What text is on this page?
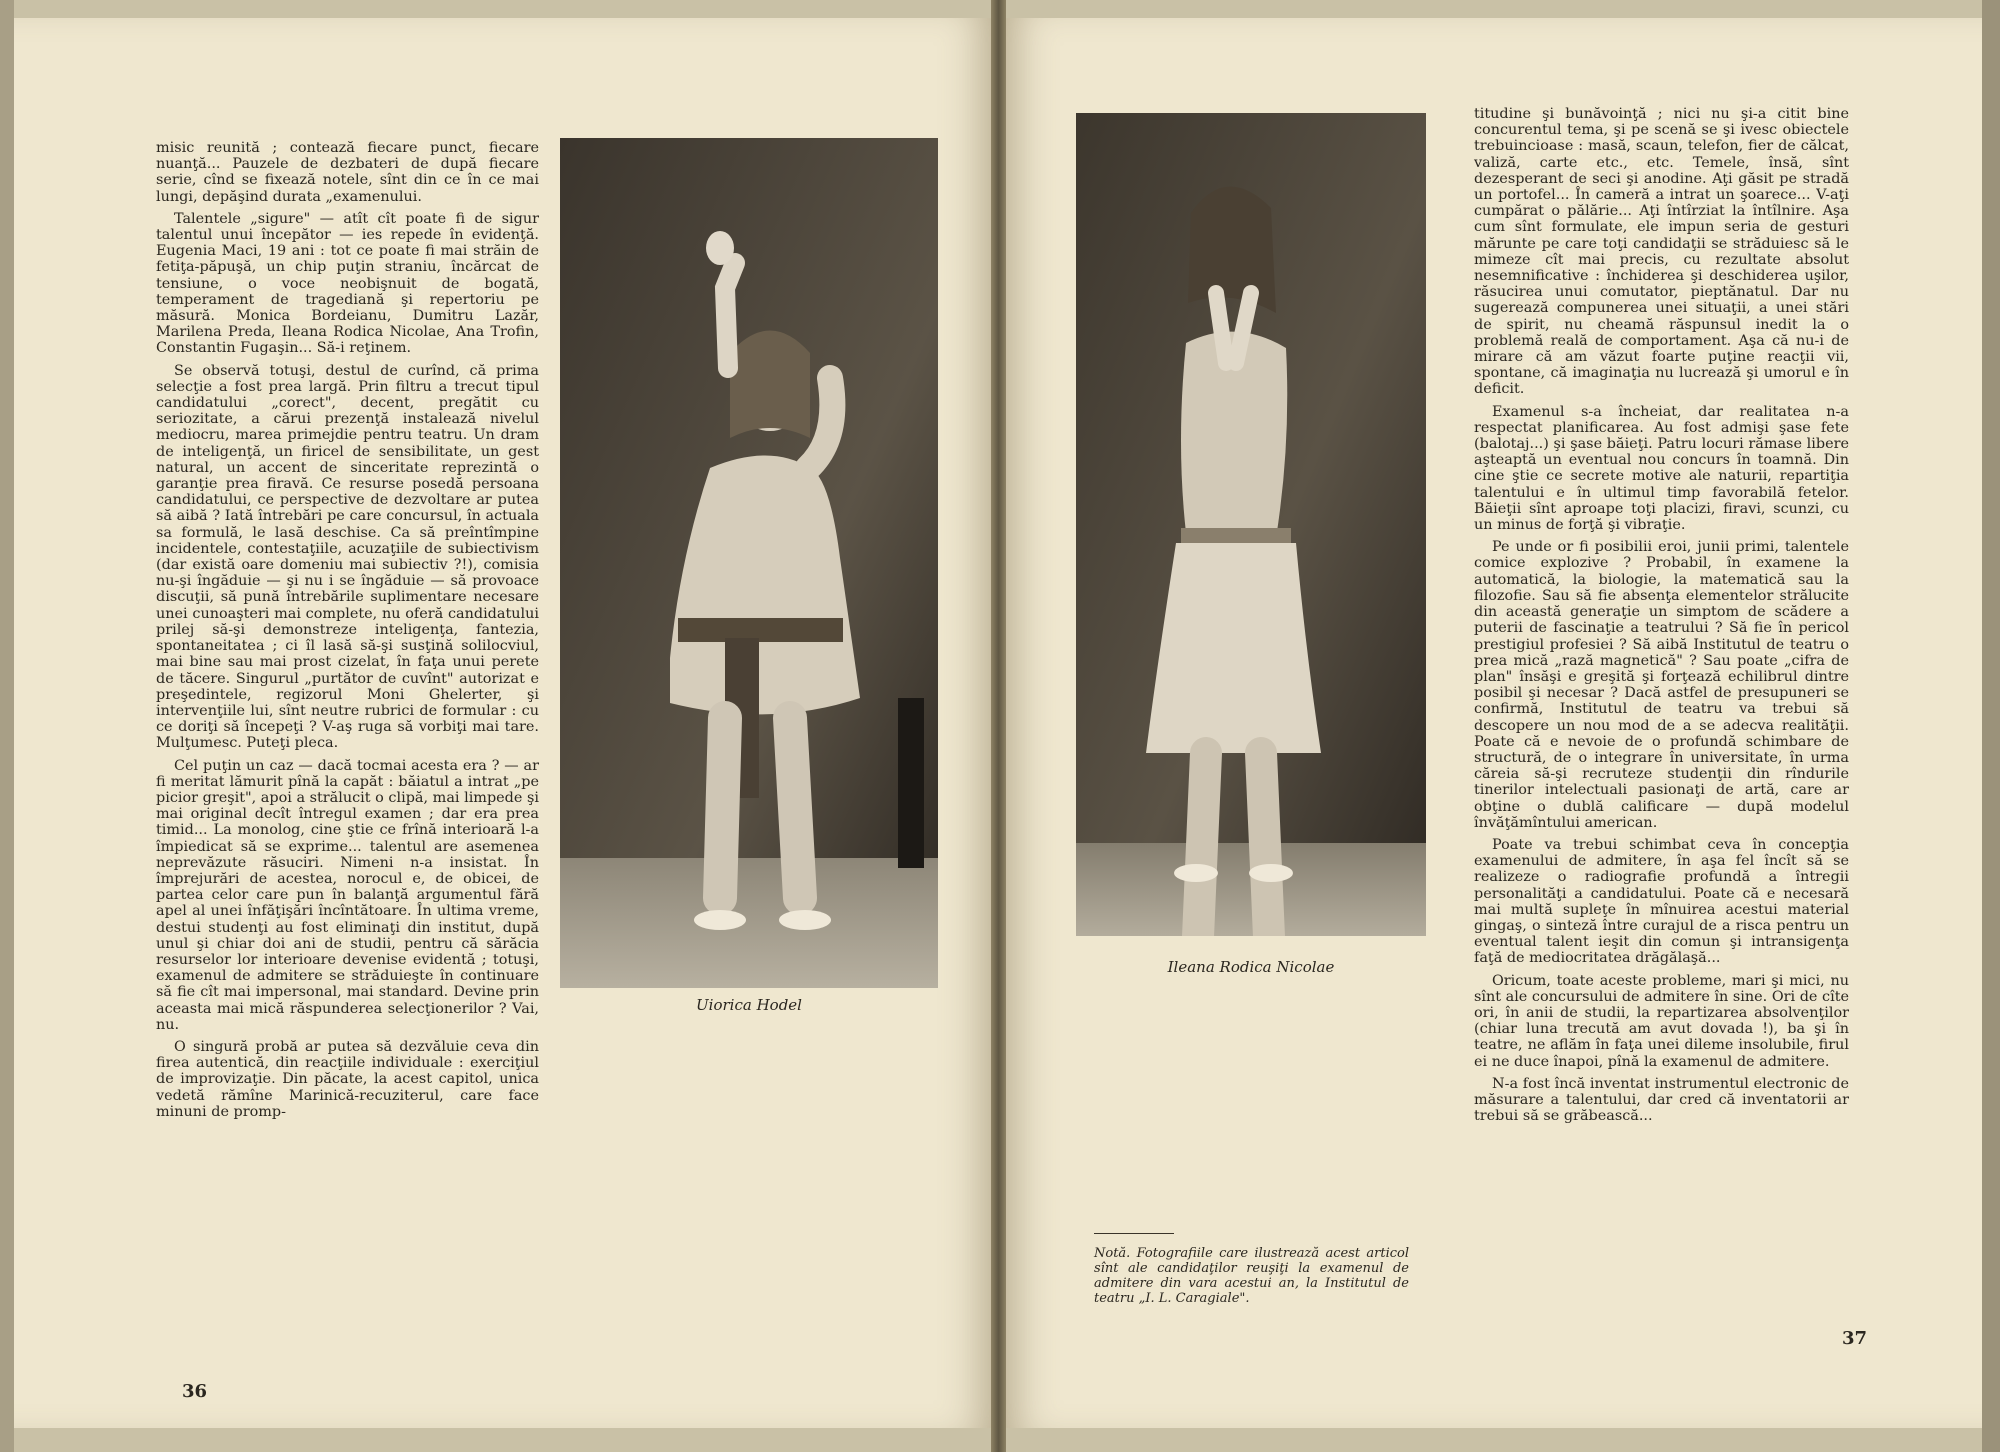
misic reunită ; contează fiecare punct, fiecare nuanţă... Pauzele de dezbateri de după fiecare serie, cînd se fixează notele, sînt din ce în ce mai lungi, depăşind durata „examenului.

Talentele „sigure" — atît cît poate fi de sigur talentul unui începător — ies repede în evidenţă. Eugenia Maci, 19 ani : tot ce poate fi mai străin de fetiţa-păpuşă, un chip puţin straniu, încărcat de tensiune, o voce neobişnuit de bogată, temperament de tragediană şi repertoriu pe măsură. Monica Bordeianu, Dumitru Lazăr, Marilena Preda, Ileana Rodica Nicolae, Ana Trofin, Constantin Fugaşin... Să-i reţinem.

Se observă totuşi, destul de curînd, că prima selecţie a fost prea largă. Prin filtru a trecut tipul candidatului „corect", decent, pregătit cu seriozitate, a cărui prezenţă instalează nivelul mediocru, marea primejdie pentru teatru. Un dram de inteligenţă, un firicel de sensibilitate, un gest natural, un accent de sinceritate reprezintă o garanţie prea firavă. Ce resurse posedă persoana candidatului, ce perspective de dezvoltare ar putea să aibă ? Iată întrebări pe care concursul, în actuala sa formulă, le lasă deschise. Ca să preîntîmpine incidentele, contestaţiile, acuzaţiile de subiectivism (dar există oare domeniu mai subiectiv ?!), comisia nu-şi îngăduie — şi nu i se îngăduie — să provoace discuţii, să pună întrebările suplimentare necesare unei cunoaşteri mai complete, nu oferă candidatului prilej să-şi demonstreze inteligenţa, fantezia, spontaneitatea ; ci îl lasă să-şi susţină solilocviul, mai bine sau mai prost cizelat, în faţa unui perete de tăcere. Singurul „purtător de cuvînt" autorizat e preşedintele, regizorul Moni Ghelerter, şi intervenţiile lui, sînt neutre rubrici de formular : cu ce doriţi să începeţi ? V-aş ruga să vorbiţi mai tare. Mulţumesc. Puteţi pleca.

Cel puţin un caz — dacă tocmai acesta era ? — ar fi meritat lămurit pînă la capăt : băiatul a intrat „pe picior greşit", apoi a strălucit o clipă, mai limpede şi mai original decît întregul examen ; dar era prea timid... La monolog, cine ştie ce frînă interioară l-a împiedicat să se exprime... talentul are asemenea neprevăzute răsuciri. Nimeni n-a insistat. În împrejurări de acestea, norocul e, de obicei, de partea celor care pun în balanţă argumentul fără apel al unei înfăţişări încîntătoare. În ultima vreme, destui studenţi au fost eliminaţi din institut, după unul şi chiar doi ani de studii, pentru că sărăcia resurselor lor interioare devenise evidentă ; totuşi, examenul de admitere se străduieşte în continuare să fie cît mai impersonal, mai standard. Devine prin aceasta mai mică răspunderea selecţionerilor ? Vai, nu.

O singură probă ar putea să dezvăluie ceva din firea autentică, din reacţiile individuale : exerciţiul de improvizaţie. Din păcate, la acest capitol, unica vedetă rămîne Marinică-recuziterul, care face minuni de promp-

Uiorica Hodel
36
Ileana Rodica Nicolae
Notă. Fotografiile care ilustrează acest articol sînt ale candidaţilor reuşiţi la examenul de admitere din vara acestui an, la Institutul de teatru „I. L. Caragiale".

titudine şi bunăvoinţă ; nici nu şi-a citit bine concurentul tema, şi pe scenă se şi ivesc obiectele trebuincioase : masă, scaun, telefon, fier de călcat, valiză, carte etc., etc. Temele, însă, sînt dezesperant de seci şi anodine. Aţi găsit pe stradă un portofel... În cameră a intrat un şoarece... V-aţi cumpărat o pălărie... Aţi întîrziat la întîlnire. Aşa cum sînt formulate, ele impun seria de gesturi mărunte pe care toţi candidaţii se străduiesc să le mimeze cît mai precis, cu rezultate absolut nesemnificative : închiderea şi deschiderea uşilor, răsucirea unui comutator, pieptănatul. Dar nu sugerează compunerea unei situaţii, a unei stări de spirit, nu cheamă răspunsul inedit la o problemă reală de comportament. Aşa că nu-i de mirare că am văzut foarte puţine reacţii vii, spontane, că imaginaţia nu lucrează şi umorul e în deficit.

Examenul s-a încheiat, dar realitatea n-a respectat planificarea. Au fost admişi şase fete (balotaj...) şi şase băieţi. Patru locuri rămase libere aşteaptă un eventual nou concurs în toamnă. Din cine ştie ce secrete motive ale naturii, repartiţia talentului e în ultimul timp favorabilă fetelor. Băieţii sînt aproape toţi placizi, firavi, scunzi, cu un minus de forţă şi vibraţie.

Pe unde or fi posibilii eroi, junii primi, talentele comice explozive ? Probabil, în examene la automatică, la biologie, la matematică sau la filozofie. Sau să fie absenţa elementelor strălucite din această generaţie un simptom de scădere a puterii de fascinaţie a teatrului ? Să fie în pericol prestigiul profesiei ? Să aibă Institutul de teatru o prea mică „rază magnetică" ? Sau poate „cifra de plan" însăşi e greşită şi forţează echilibrul dintre posibil şi necesar ? Dacă astfel de presupuneri se confirmă, Institutul de teatru va trebui să descopere un nou mod de a se adecva realităţii. Poate că e nevoie de o profundă schimbare de structură, de o integrare în universitate, în urma căreia să-şi recruteze studenţii din rîndurile tinerilor intelectuali pasionaţi de artă, care ar obţine o dublă calificare — după modelul învăţămîntului american.

Poate va trebui schimbat ceva în concepţia examenului de admitere, în aşa fel încît să se realizeze o radiografie profundă a întregii personalităţi a candidatului. Poate că e necesară mai multă supleţe în mînuirea acestui material gingaş, o sinteză între curajul de a risca pentru un eventual talent ieşit din comun şi intransigenţa faţă de mediocritatea drăgălaşă...

Oricum, toate aceste probleme, mari şi mici, nu sînt ale concursului de admitere în sine. Ori de cîte ori, în anii de studii, la repartizarea absolvenţilor (chiar luna trecută am avut dovada !), ba şi în teatre, ne aflăm în faţa unei dileme insolubile, firul ei ne duce înapoi, pînă la examenul de admitere.

N-a fost încă inventat instrumentul electronic de măsurare a talentului, dar cred că inventatorii ar trebui să se grăbească...

37
